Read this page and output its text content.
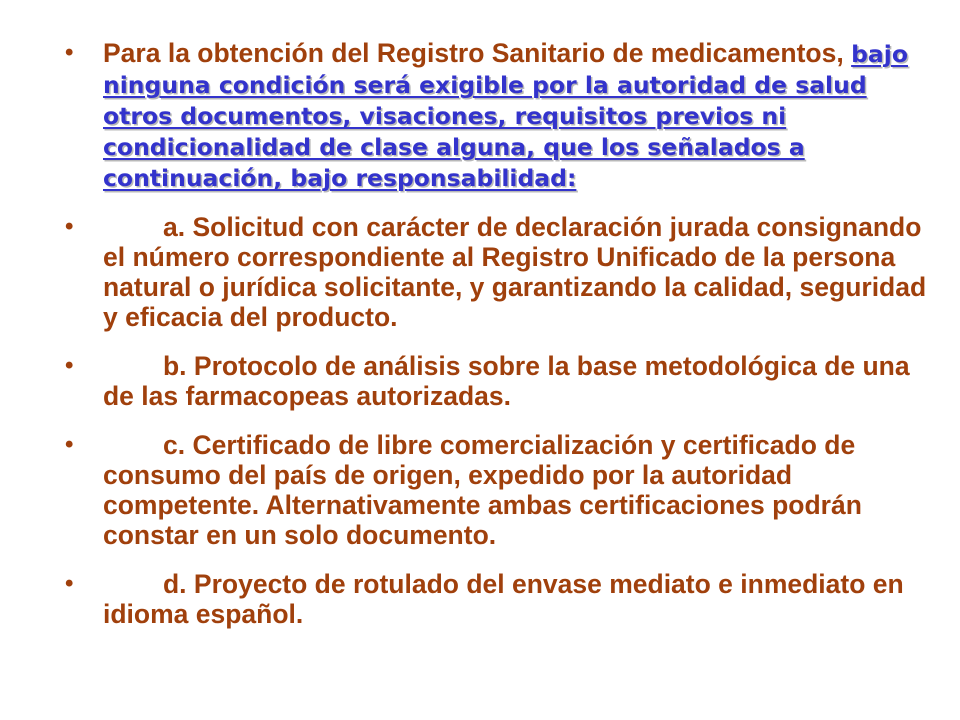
• Para la obtención del Registro Sanitario de medicamentos, bajo ninguna condición será exigible por la autoridad de salud otros documentos, visaciones, requisitos previos ni condicionalidad de clase alguna, que los señalados a continuación, bajo responsabilidad:
•	a. Solicitud con carácter de declaración jurada consignando el número correspondiente al Registro Unificado de la persona natural o jurídica solicitante, y garantizando la calidad, seguridad y eficacia del producto.
•	b. Protocolo de análisis sobre la base metodológica de una de las farmacopeas autorizadas.
•	c. Certificado de libre comercialización y certificado de consumo del país de origen, expedido por la autoridad competente. Alternativamente ambas certificaciones podrán constar en un solo documento.
•	d. Proyecto de rotulado del envase mediato e inmediato en idioma español.
